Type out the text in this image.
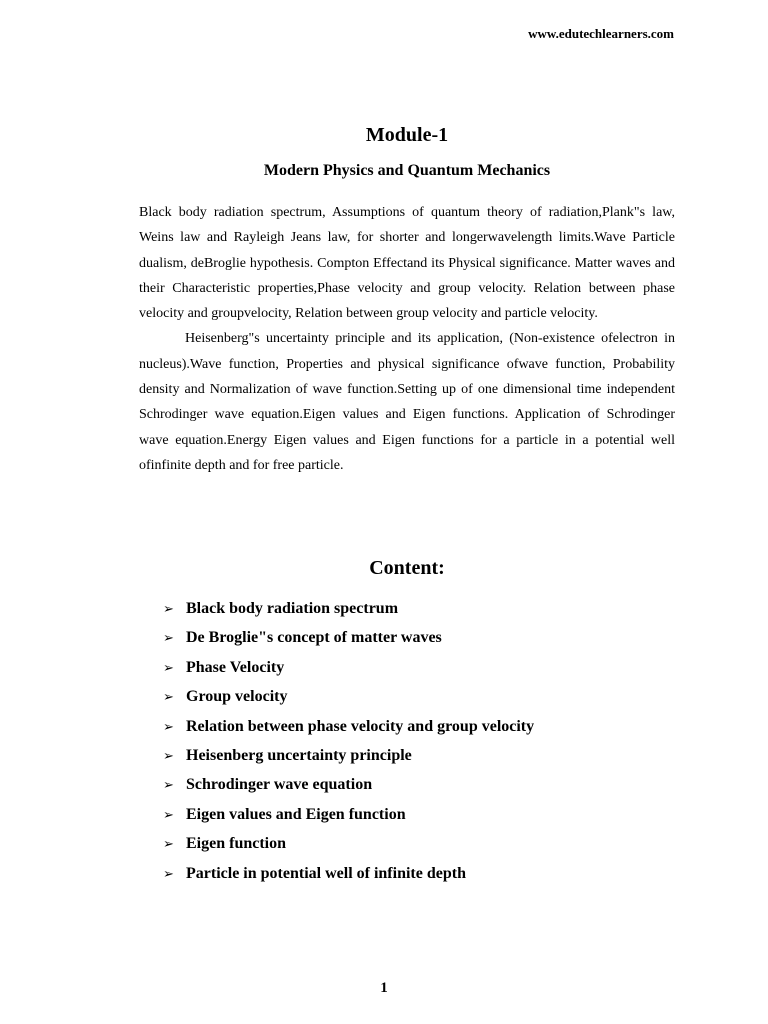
www.edutechlearners.com
Module-1
Modern Physics and Quantum Mechanics

Black body radiation spectrum, Assumptions of quantum theory of radiation,Plank"s law, Weins law and Rayleigh Jeans law, for shorter and longerwavelength limits.Wave Particle dualism, deBroglie hypothesis. Compton Effectand its Physical significance. Matter waves and their Characteristic properties,Phase velocity and group velocity. Relation between phase velocity and groupvelocity, Relation between group velocity and particle velocity.

Heisenberg"s uncertainty principle and its application, (Non-existence ofelectron in nucleus).Wave function, Properties and physical significance ofwave function, Probability density and Normalization of wave function.Setting up of one dimensional time independent Schrodinger wave equation.Eigen values and Eigen functions. Application of Schrodinger wave equation.Energy Eigen values and Eigen functions for a particle in a potential well ofinfinite depth and for free particle.

Content:
➢ Black body radiation spectrum
➢ De Broglie"s concept of matter waves
➢ Phase Velocity
➢ Group velocity
➢ Relation between phase velocity and group velocity
➢ Heisenberg uncertainty principle
➢ Schrodinger wave equation
➢ Eigen values and Eigen function
➢ Eigen function
➢ Particle in potential well of infinite depth
1
